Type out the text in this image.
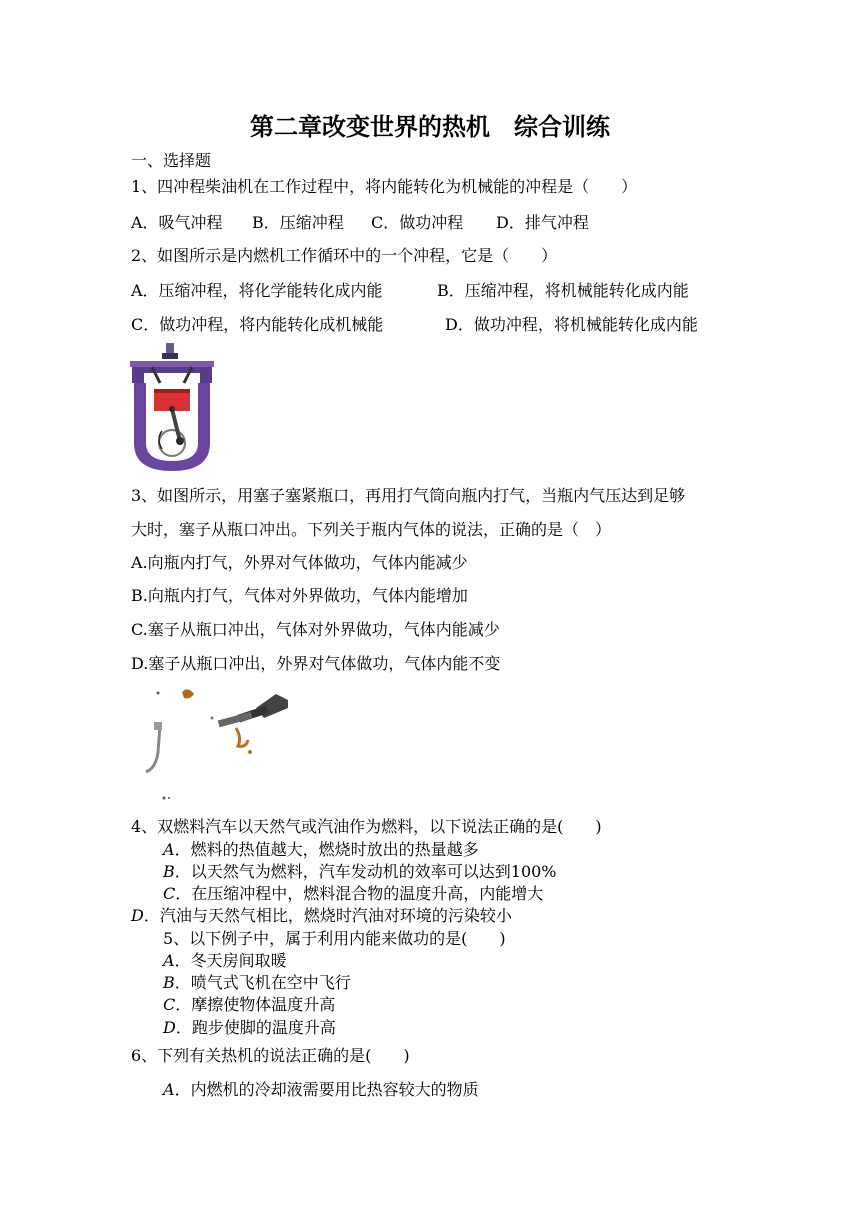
第二章改变世界的热机　综合训练
一、选择题
1、四冲程柴油机在工作过程中，将内能转化为机械能的冲程是（　　）
A．吸气冲程 B．压缩冲程 C．做功冲程 D．排气冲程
2、如图所示是内燃机工作循环中的一个冲程，它是（　　）
A．压缩冲程，将化学能转化成内能	B．压缩冲程，将机械能转化成内能
C．做功冲程，将内能转化成机械能	D．做功冲程，将机械能转化成内能
3、如图所示，用塞子塞紧瓶口，再用打气筒向瓶内打气，当瓶内气压达到足够
大时，塞子从瓶口冲出。下列关于瓶内气体的说法，正确的是（　）
A.向瓶内打气，外界对气体做功，气体内能减少
B.向瓶内打气，气体对外界做功，气体内能增加
C.塞子从瓶口冲出，气体对外界做功，气体内能减少
D.塞子从瓶口冲出，外界对气体做功，气体内能不变
4、双燃料汽车以天然气或汽油作为燃料，以下说法正确的是(　　)
A．燃料的热值越大，燃烧时放出的热量越多
B．以天然气为燃料，汽车发动机的效率可以达到100%
C．在压缩冲程中，燃料混合物的温度升高，内能增大
D．汽油与天然气相比，燃烧时汽油对环境的污染较小
5、以下例子中，属于利用内能来做功的是(　　)
A．冬天房间取暖
B．喷气式飞机在空中飞行
C．摩擦使物体温度升高
D．跑步使脚的温度升高
6、下列有关热机的说法正确的是(　　)
A．内燃机的冷却液需要用比热容较大的物质
